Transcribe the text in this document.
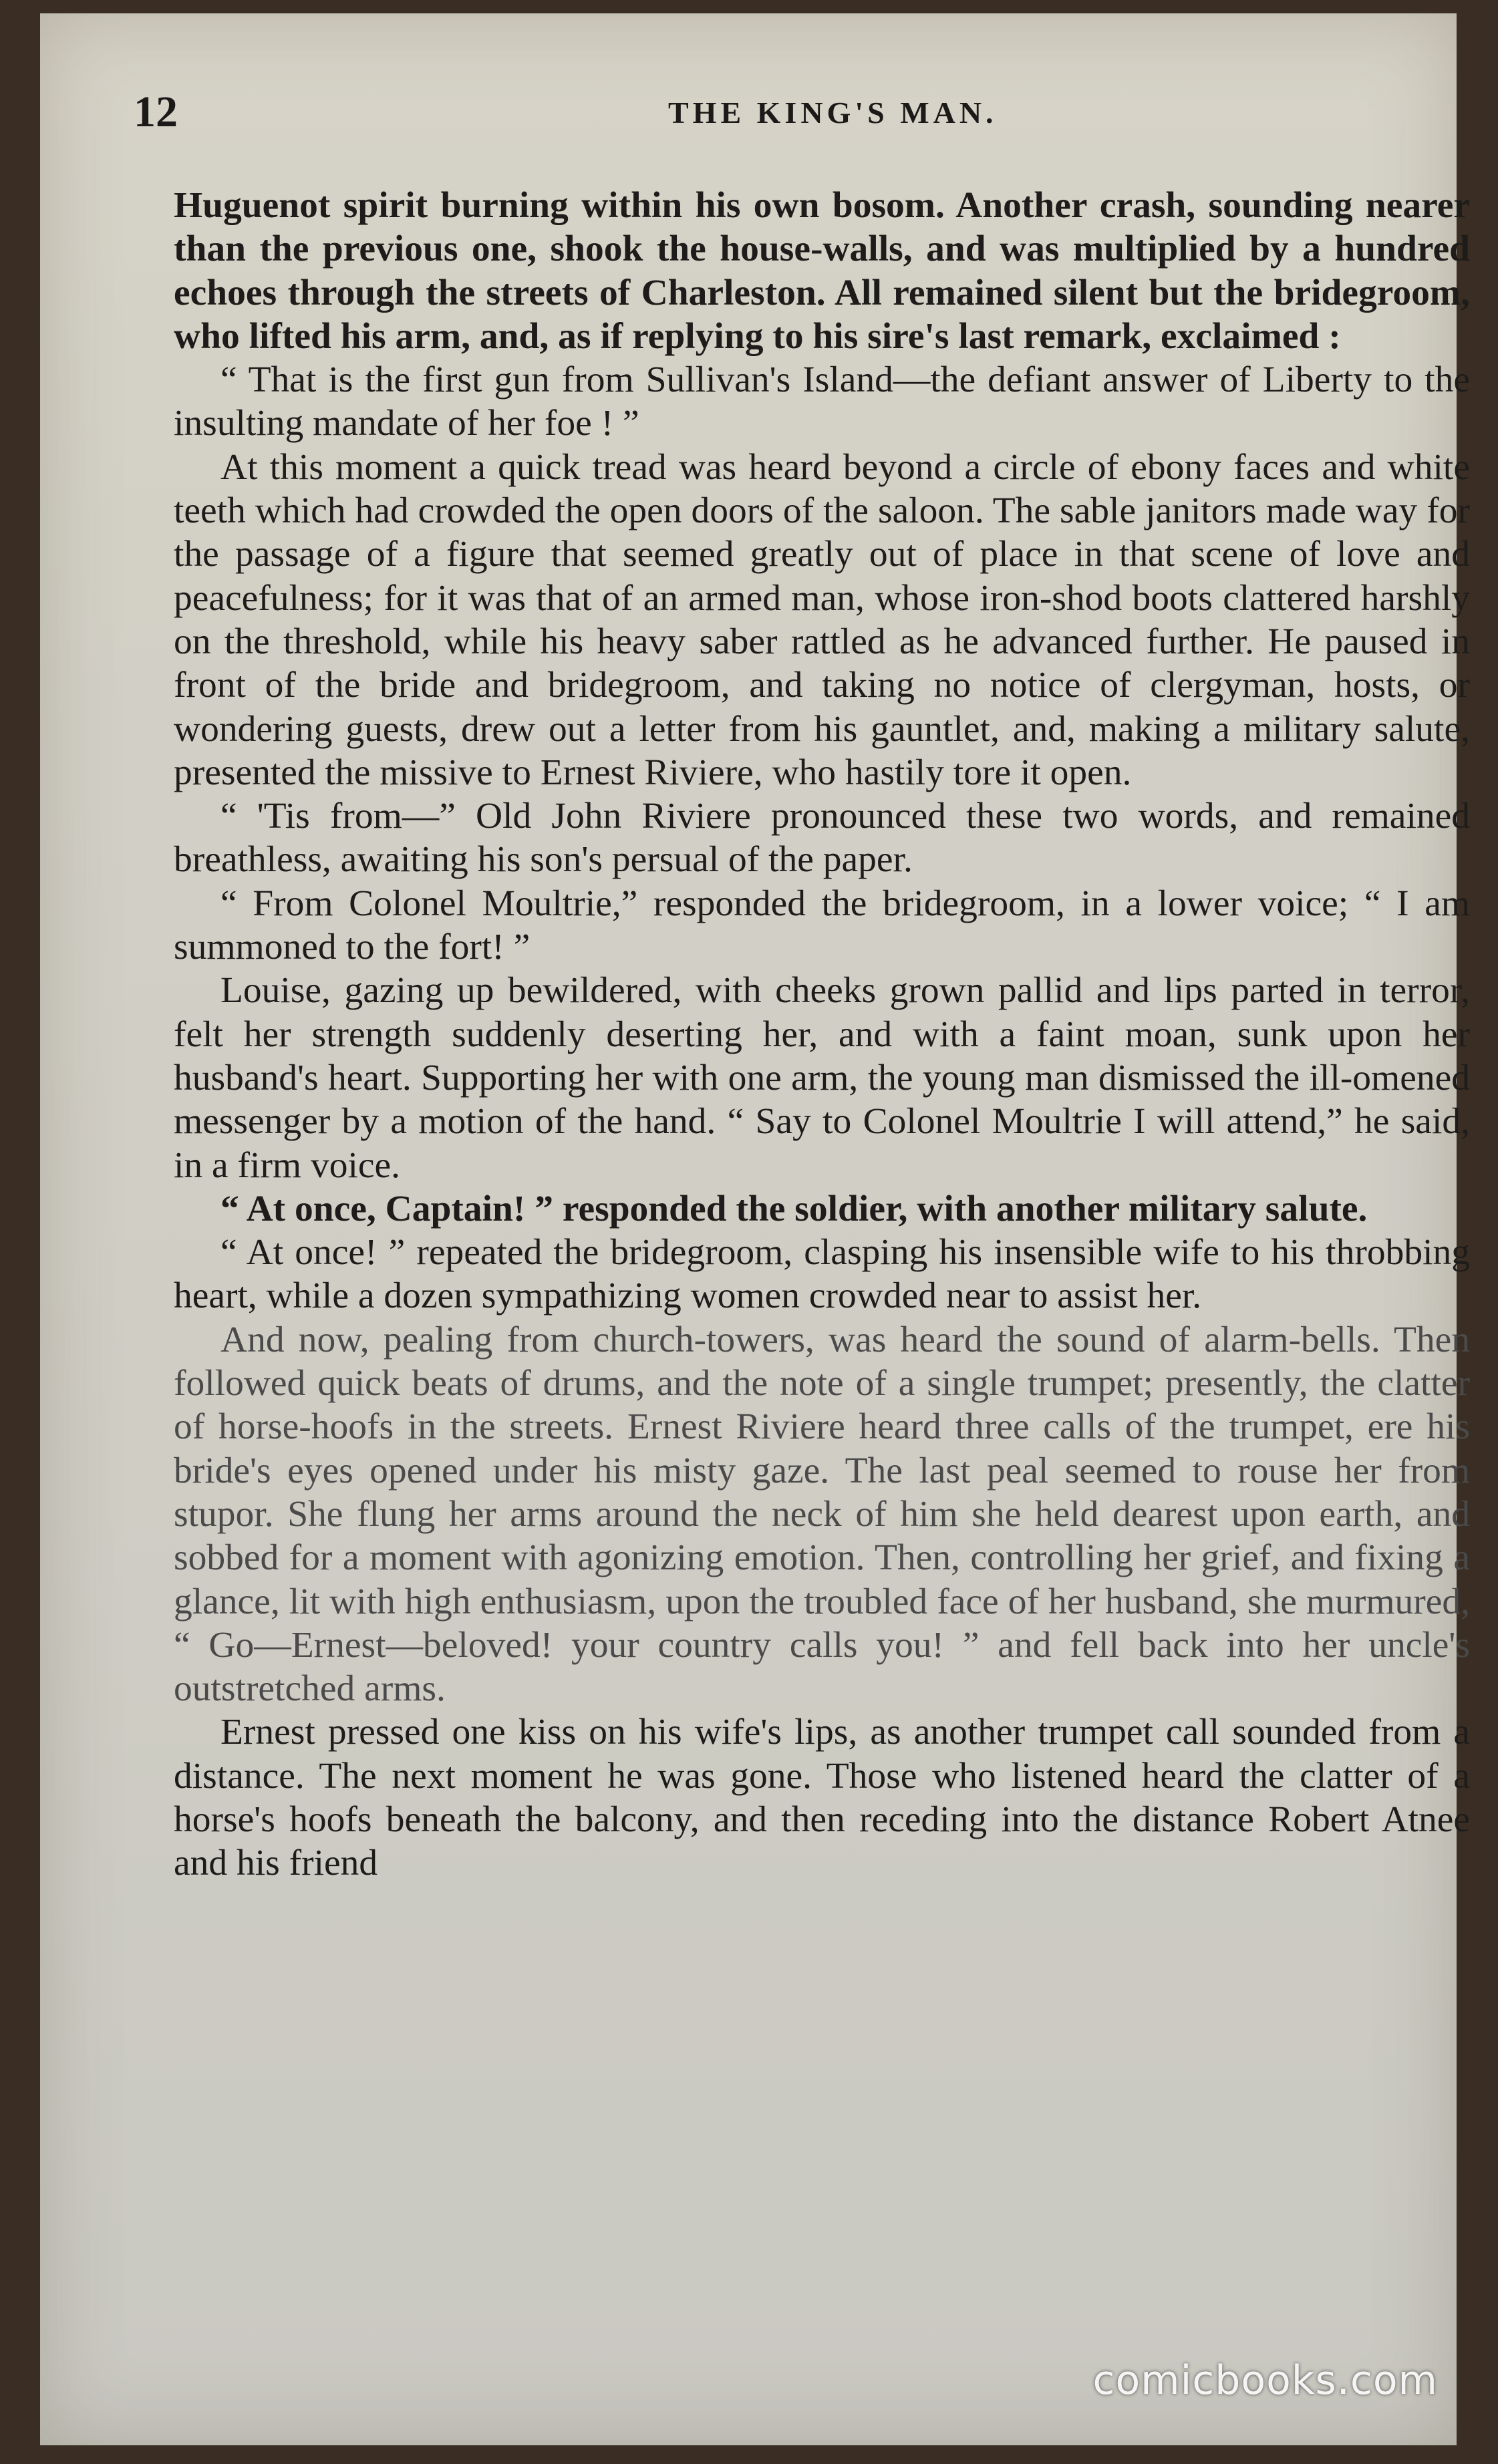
12	THE KING'S MAN.

Huguenot spirit burning within his own bosom. Another crash, sounding nearer than the previous one, shook the house-walls, and was multiplied by a hundred echoes through the streets of Charleston. All remained silent but the bridegroom, who lifted his arm, and, as if replying to his sire's last remark, exclaimed :

“ That is the first gun from Sullivan's Island—the defiant answer of Liberty to the insulting mandate of her foe ! ”

At this moment a quick tread was heard beyond a circle of ebony faces and white teeth which had crowded the open doors of the saloon. The sable janitors made way for the passage of a figure that seemed greatly out of place in that scene of love and peacefulness; for it was that of an armed man, whose iron-shod boots clattered harshly on the threshold, while his heavy saber rattled as he advanced further. He paused in front of the bride and bridegroom, and taking no notice of clergyman, hosts, or wondering guests, drew out a letter from his gauntlet, and, making a military salute, presented the missive to Ernest Riviere, who hastily tore it open.

“ 'Tis from—” Old John Riviere pronounced these two words, and remained breathless, awaiting his son's persual of the paper.

“ From Colonel Moultrie,” responded the bridegroom, in a lower voice; “ I am summoned to the fort! ”

Louise, gazing up bewildered, with cheeks grown pallid and lips parted in terror, felt her strength suddenly deserting her, and with a faint moan, sunk upon her husband's heart. Supporting her with one arm, the young man dismissed the ill-omened messenger by a motion of the hand. “ Say to Colonel Moultrie I will attend,” he said, in a firm voice.

“ At once, Captain! ” responded the soldier, with another military salute.

“ At once! ” repeated the bridegroom, clasping his insensible wife to his throbbing heart, while a dozen sympathizing women crowded near to assist her.

And now, pealing from church-towers, was heard the sound of alarm-bells. Then followed quick beats of drums, and the note of a single trumpet; presently, the clatter of horse-hoofs in the streets. Ernest Riviere heard three calls of the trumpet, ere his bride's eyes opened under his misty gaze. The last peal seemed to rouse her from stupor. She flung her arms around the neck of him she held dearest upon earth, and sobbed for a moment with agonizing emotion. Then, controlling her grief, and fixing a glance, lit with high enthusiasm, upon the troubled face of her husband, she murmured, “ Go—Ernest—beloved! your country calls you! ” and fell back into her uncle's outstretched arms.

Ernest pressed one kiss on his wife's lips, as another trumpet call sounded from a distance. The next moment he was gone. Those who listened heard the clatter of a horse's hoofs beneath the balcony, and then receding into the distance Robert Atnee and his friend

comicbooks.com
